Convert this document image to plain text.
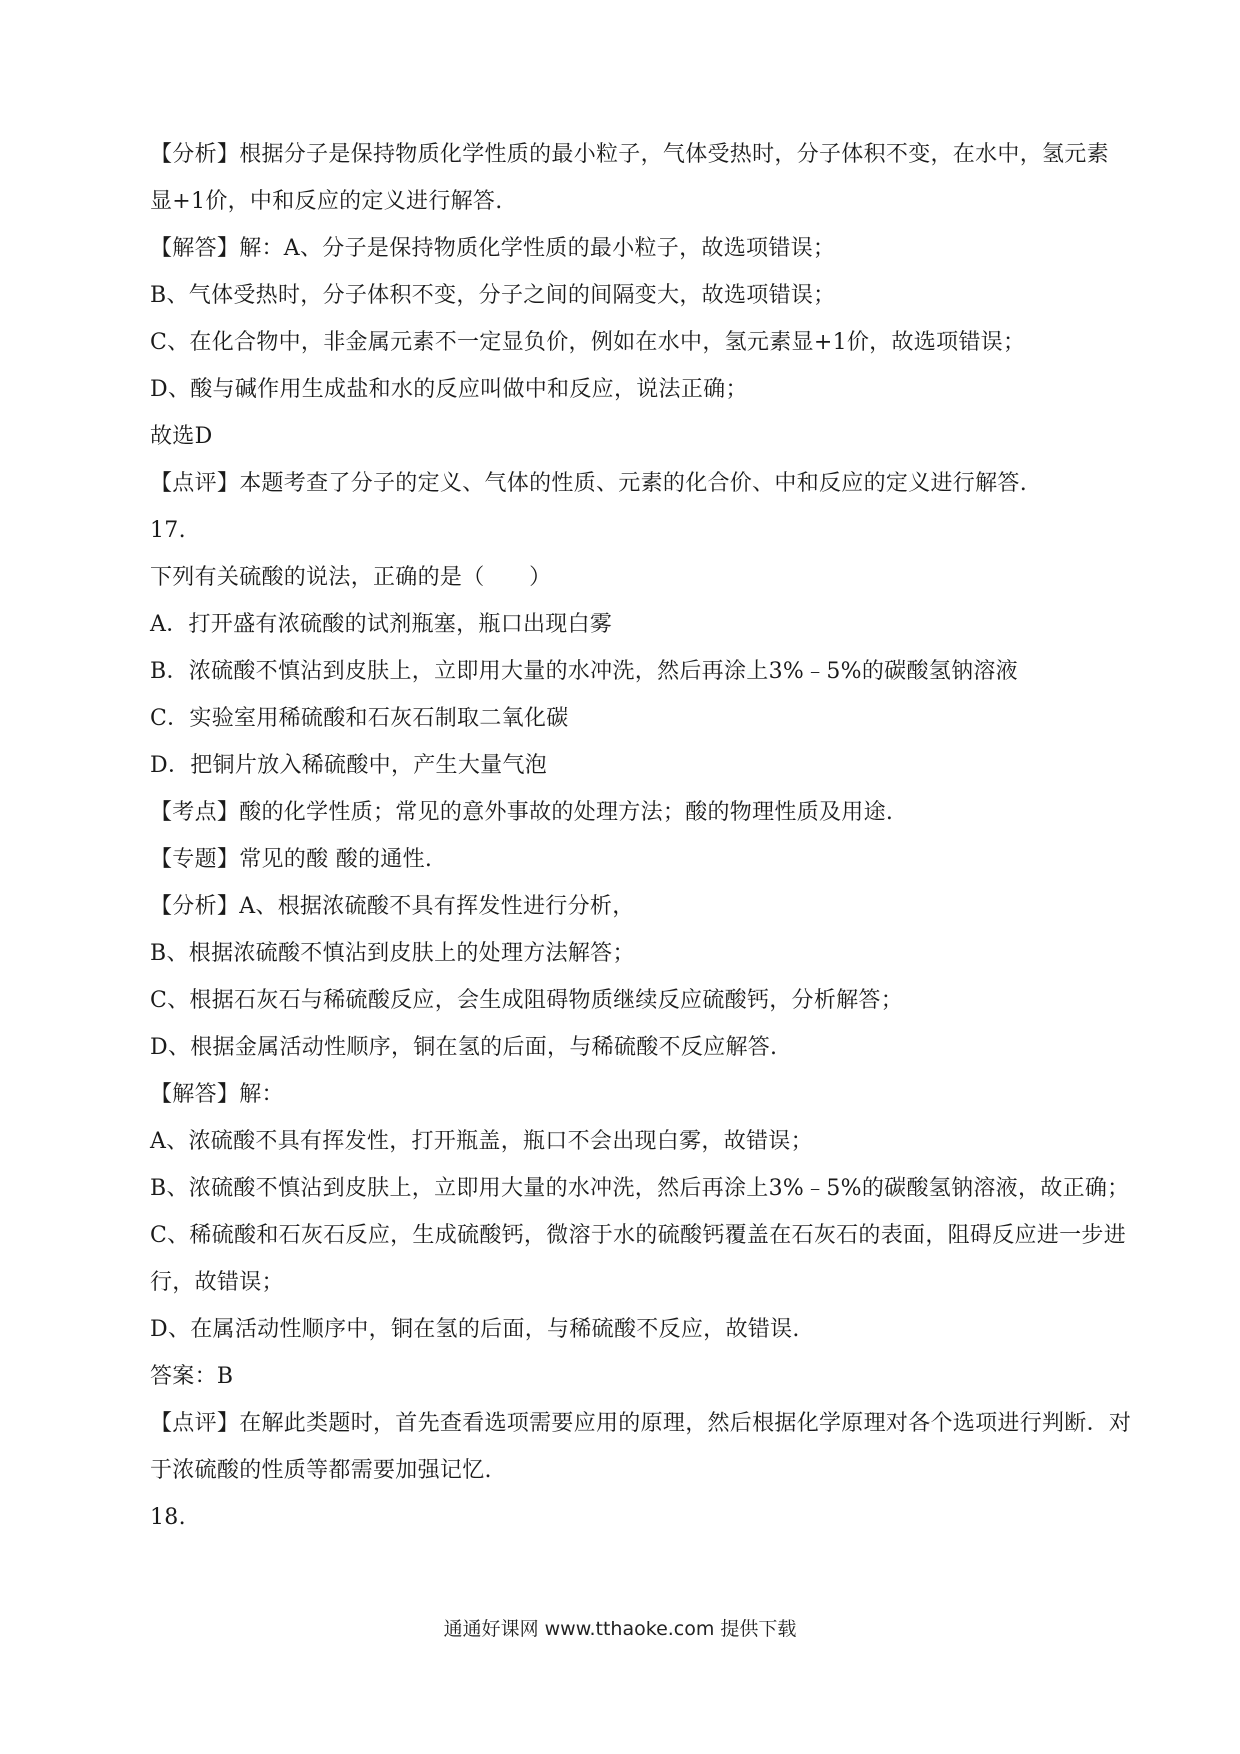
【分析】根据分子是保持物质化学性质的最小粒子，气体受热时，分子体积不变，在水中，氢元素

显+1价，中和反应的定义进行解答.

【解答】解：A、分子是保持物质化学性质的最小粒子，故选项错误；

B、气体受热时，分子体积不变，分子之间的间隔变大，故选项错误；

C、在化合物中，非金属元素不一定显负价，例如在水中，氢元素显+1价，故选项错误；

D、酸与碱作用生成盐和水的反应叫做中和反应，说法正确；

故选D

【点评】本题考查了分子的定义、气体的性质、元素的化合价、中和反应的定义进行解答.

17.

下列有关硫酸的说法，正确的是（　　）

A．打开盛有浓硫酸的试剂瓶塞，瓶口出现白雾

B．浓硫酸不慎沾到皮肤上，立即用大量的水冲洗，然后再涂上3%﹣5%的碳酸氢钠溶液

C．实验室用稀硫酸和石灰石制取二氧化碳

D．把铜片放入稀硫酸中，产生大量气泡

【考点】酸的化学性质；常见的意外事故的处理方法；酸的物理性质及用途.

【专题】常见的酸 酸的通性.

【分析】A、根据浓硫酸不具有挥发性进行分析，

B、根据浓硫酸不慎沾到皮肤上的处理方法解答；

C、根据石灰石与稀硫酸反应，会生成阻碍物质继续反应硫酸钙，分析解答；

D、根据金属活动性顺序，铜在氢的后面，与稀硫酸不反应解答.

【解答】解：

A、浓硫酸不具有挥发性，打开瓶盖，瓶口不会出现白雾，故错误；

B、浓硫酸不慎沾到皮肤上，立即用大量的水冲洗，然后再涂上3%﹣5%的碳酸氢钠溶液，故正确；

C、稀硫酸和石灰石反应，生成硫酸钙，微溶于水的硫酸钙覆盖在石灰石的表面，阻碍反应进一步进

行，故错误；

D、在属活动性顺序中，铜在氢的后面，与稀硫酸不反应，故错误.

答案：B

【点评】在解此类题时，首先查看选项需要应用的原理，然后根据化学原理对各个选项进行判断．对

于浓硫酸的性质等都需要加强记忆.

18.

通通好课网 www.tthaoke.com 提供下载
